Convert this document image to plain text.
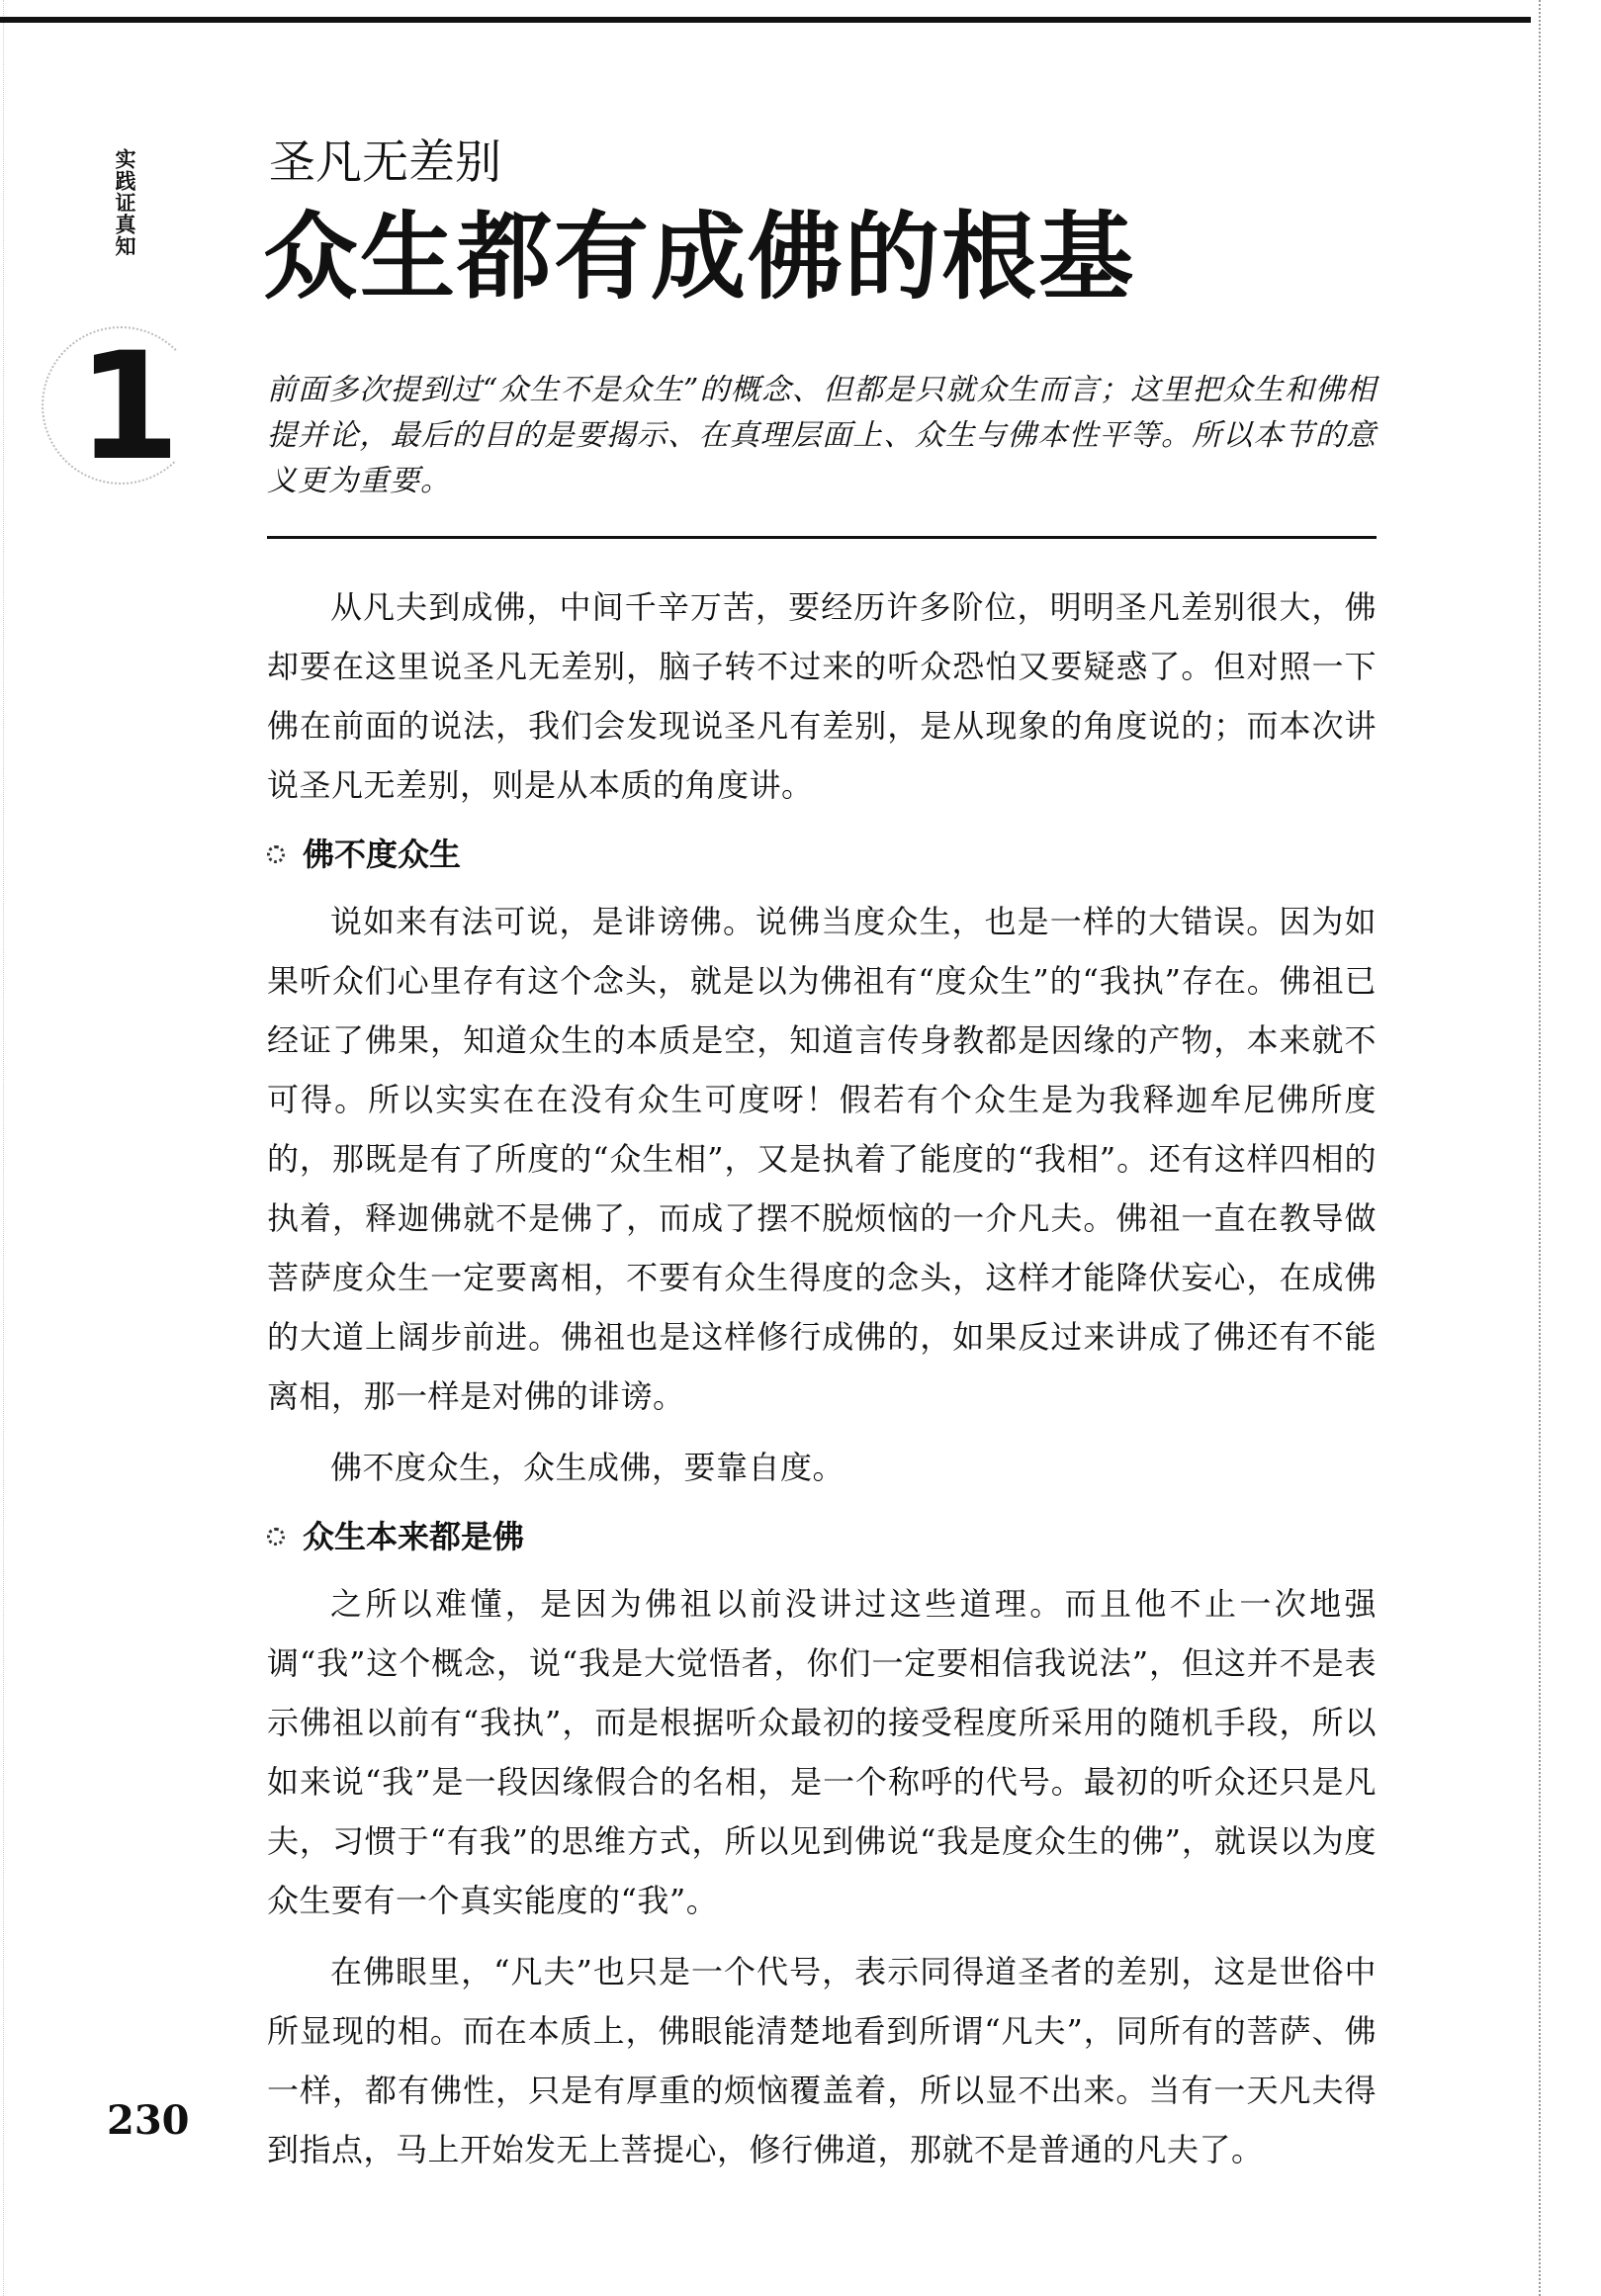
实践证真知
1
圣凡无差别
众生都有成佛的根基

前面多次提到过“众生不是众生”的概念、但都是只就众生而言；这里把众生和佛相提并论，最后的目的是要揭示、在真理层面上、众生与佛本性平等。所以本节的意义更为重要。

从凡夫到成佛，中间千辛万苦，要经历许多阶位，明明圣凡差别很大，佛却要在这里说圣凡无差别，脑子转不过来的听众恐怕又要疑惑了。但对照一下佛在前面的说法，我们会发现说圣凡有差别，是从现象的角度说的；而本次讲说圣凡无差别，则是从本质的角度讲。

佛不度众生

说如来有法可说，是诽谤佛。说佛当度众生，也是一样的大错误。因为如果听众们心里存有这个念头，就是以为佛祖有“度众生”的“我执”存在。佛祖已经证了佛果，知道众生的本质是空，知道言传身教都是因缘的产物，本来就不可得。所以实实在在没有众生可度呀！假若有个众生是为我释迦牟尼佛所度的，那既是有了所度的“众生相”，又是执着了能度的“我相”。还有这样四相的执着，释迦佛就不是佛了，而成了摆不脱烦恼的一介凡夫。佛祖一直在教导做菩萨度众生一定要离相，不要有众生得度的念头，这样才能降伏妄心，在成佛的大道上阔步前进。佛祖也是这样修行成佛的，如果反过来讲成了佛还有不能离相，那一样是对佛的诽谤。

佛不度众生，众生成佛，要靠自度。

众生本来都是佛

之所以难懂，是因为佛祖以前没讲过这些道理。而且他不止一次地强调“我”这个概念，说“我是大觉悟者，你们一定要相信我说法”，但这并不是表示佛祖以前有“我执”，而是根据听众最初的接受程度所采用的随机手段，所以如来说“我”是一段因缘假合的名相，是一个称呼的代号。最初的听众还只是凡夫，习惯于“有我”的思维方式，所以见到佛说“我是度众生的佛”，就误以为度众生要有一个真实能度的“我”。

在佛眼里，“凡夫”也只是一个代号，表示同得道圣者的差别，这是世俗中所显现的相。而在本质上，佛眼能清楚地看到所谓“凡夫”，同所有的菩萨、佛一样，都有佛性，只是有厚重的烦恼覆盖着，所以显不出来。当有一天凡夫得到指点，马上开始发无上菩提心，修行佛道，那就不是普通的凡夫了。

230
